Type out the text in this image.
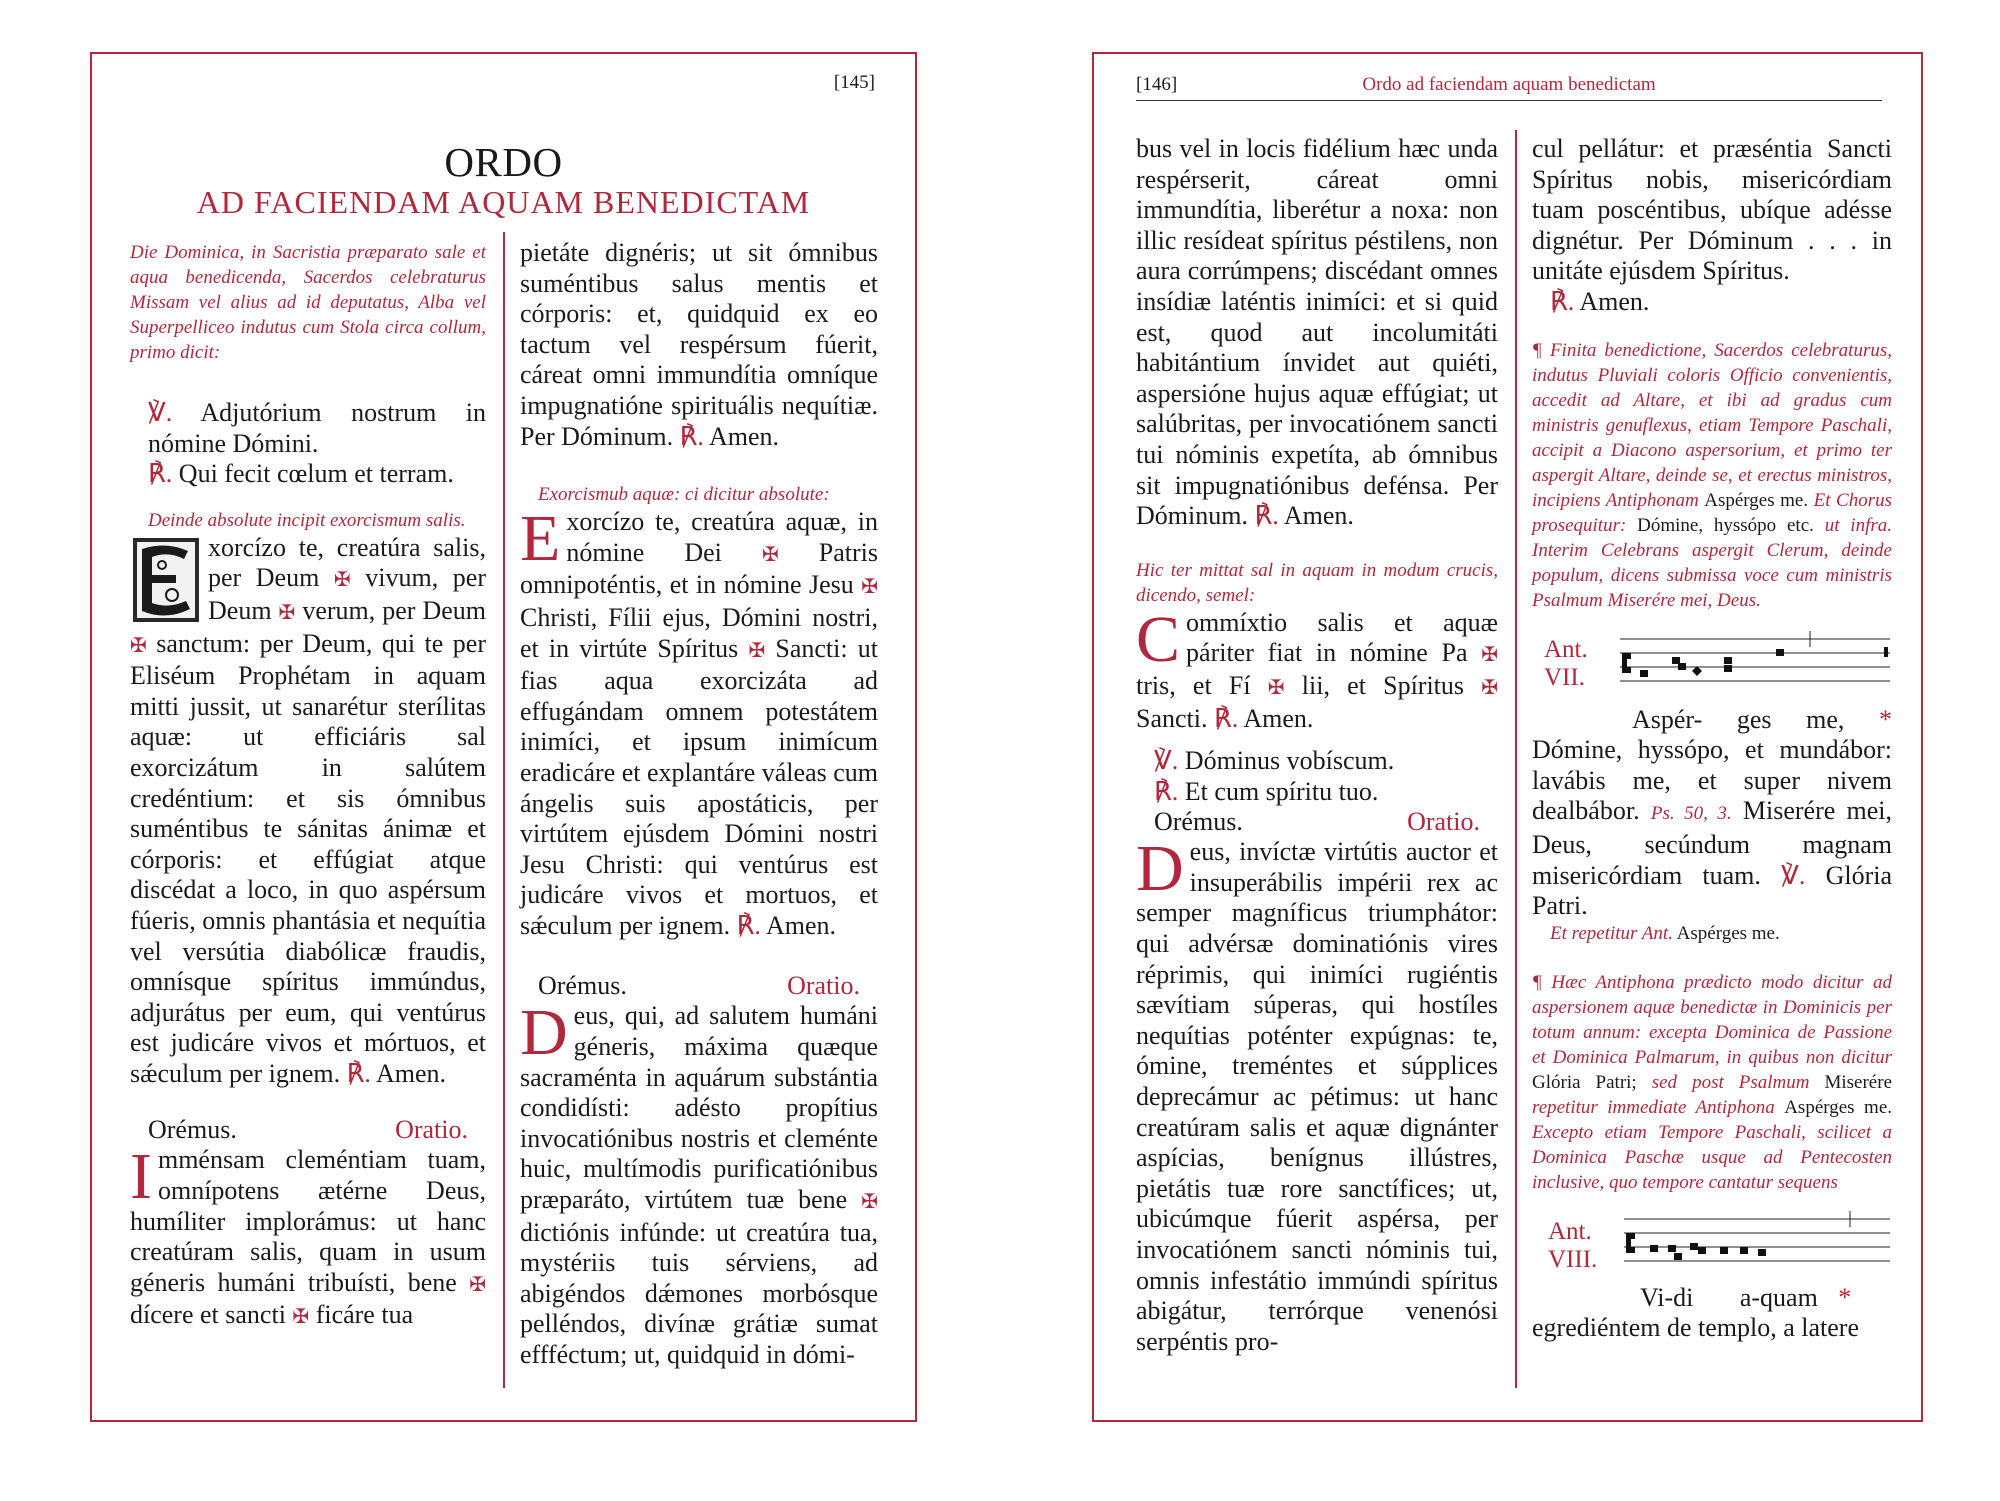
[145]
ORDO
AD FACIENDAM AQUAM BENEDICTAM
Die Dominica, in Sacristia præparato sale et aqua benedicenda, Sacerdos celebraturus Missam vel alius ad id deputatus, Alba vel Superpelliceo indutus cum Stola circa collum, primo dicit:
℣. Adjutórium nostrum in nómine Dómini.
℟. Qui fecit cœlum et terram.
Deinde absolute incipit exorcismum salis.
xorcízo te, creatúra salis, per Deum ✠ vivum, per Deum ✠ verum, per Deum ✠ sanctum: per Deum, qui te per Eliséum Prophétam in aquam mitti jussit, ut sanarétur sterílitas aquæ: ut efficiáris sal exorcizátum in salútem credéntium: et sis ómnibus suméntibus te sánitas ánimæ et córporis: et effúgiat atque discédat a loco, in quo aspérsum fúeris, omnis phantásia et nequítia vel versútia diabólicæ fraudis, omnísque spíritus immúndus, adjurátus per eum, qui ventúrus est judicáre vivos et mórtuos, et sǽculum per ignem. ℟. Amen.
Orémus.	Oratio.
Imménsam cleméntiam tuam, omnípotens ætérne Deus, humíliter implorámus: ut hanc creatúram salis, quam in usum géneris humáni tribuísti, bene ✠ dícere et sancti ✠ ficáre tua
pietáte dignéris; ut sit ómnibus suméntibus salus mentis et córporis: et, quidquid ex eo tactum vel respérsum fúerit, cáreat omni immundítia omníque impugnatióne spirituális nequítiæ. Per Dóminum. ℟. Amen.
Exorcismub aquæ: ci dicitur absolute:
Exorcízo te, creatúra aquæ, in nómine Dei ✠ Patris omnipoténtis, et in nómine Jesu ✠ Christi, Fílii ejus, Dómini nostri, et in virtúte Spíritus ✠ Sancti: ut fias aqua exorcizáta ad effugándam omnem potestátem inimíci, et ipsum inimícum eradicáre et explantáre váleas cum ángelis suis apostáticis, per virtútem ejúsdem Dómini nostri Jesu Christi: qui ventúrus est judicáre vivos et mortuos, et sǽculum per ignem. ℟. Amen.
Orémus.	Oratio.
Deus, qui, ad salutem humáni géneris, máxima quæque sacraménta in aquárum substántia condidísti: adésto propítius invocatiónibus nostris et cleménte huic, multímodis purificatiónibus præparáto, virtútem tuæ bene ✠ dictiónis infúnde: ut creatúra tua, mystériis tuis sérviens, ad abigéndos dǽmones morbósque pelléndos, divínæ grátiæ sumat effféctum; ut, quidquid in dómi-
[146]	Ordo ad faciendam aquam benedictam
bus vel in locis fidélium hæc unda respérserit, cáreat omni immundítia, liberétur a noxa: non illic resídeat spíritus péstilens, non aura corrúmpens; discédant omnes insídiæ laténtis inimíci: et si quid est, quod aut incolumitáti habitántium ínvidet aut quiéti, aspersióne hujus aquæ effúgiat; ut salúbritas, per invocatiónem sancti tui nóminis expetíta, ab ómnibus sit impugnatiónibus defénsa. Per Dóminum. ℟. Amen.
Hic ter mittat sal in aquam in modum crucis, dicendo, semel:
Commíxtio salis et aquæ páriter fiat in nómine Pa ✠ tris, et Fí ✠ lii, et Spíritus ✠ Sancti. ℟. Amen.
℣. Dóminus vobíscum.
℟. Et cum spíritu tuo.
Orémus.	Oratio.
Deus, invíctæ virtútis auctor et insuperábilis impérii rex ac semper magníficus triumphátor: qui advérsæ dominatiónis vires réprimis, qui inimíci rugiéntis sævítiam súperas, qui hostíles nequítias poténter expúgnas: te, ómine, treméntes et súpplices deprecámur ac pétimus: ut hanc creatúram salis et aquæ dignánter aspícias, benígnus illústres, pietátis tuæ rore sanctífices; ut, ubicúmque fúerit aspérsa, per invocatiónem sancti nóminis tui, omnis infestátio immúndi spíritus abigátur, terrórque venenósi serpéntis pro-
cul pellátur: et præséntia Sancti Spíritus nobis, misericórdiam tuam poscéntibus, ubíque adésse dignétur. Per Dóminum . . . in unitáte ejúsdem Spíritus.
℟. Amen.
¶ Finita benedictione, Sacerdos celebraturus, indutus Pluviali coloris Officio convenientis, accedit ad Altare, et ibi ad gradus cum ministris genuflexus, etiam Tempore Paschali, accipit a Diacono aspersorium, et primo ter aspergit Altare, deinde se, et erectus ministros, incipiens Antiphonam Aspérges me. Et Chorus prosequitur: Dómine, hyssópo etc. ut infra. Interim Celebrans aspergit Clerum, deinde populum, dicens submissa voce cum ministris Psalmum Miserére mei, Deus.
Ant.
VII.
Aspér- ges me, * Dómine, hyssópo, et mundábor: lavábis me, et super nivem dealbábor. Ps. 50, 3. Miserére mei, Deus, secúndum magnam misericórdiam tuam. ℣. Glória Patri.
Et repetitur Ant. Aspérges me.
¶ Hæc Antiphona prædicto modo dicitur ad aspersionem aquæ benedictæ in Dominicis per totum annum: excepta Dominica de Passione et Dominica Palmarum, in quibus non dicitur Glória Patri; sed post Psalmum Miserére repetitur immediate Antiphona Aspérges me. Excepto etiam Tempore Paschali, scilicet a Dominica Paschæ usque ad Pentecosten inclusive, quo tempore cantatur sequens
Ant.
VIII.
Vi-di a-quam *
egrediéntem de templo, a latere
